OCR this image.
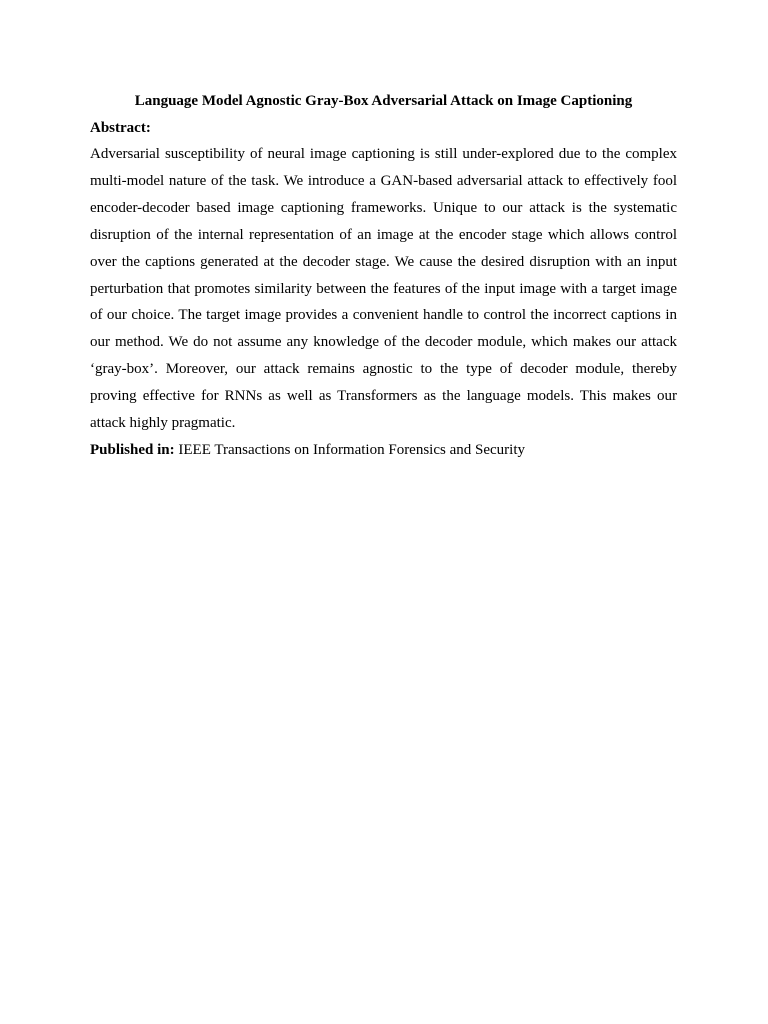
Language Model Agnostic Gray-Box Adversarial Attack on Image Captioning
Abstract:

Adversarial susceptibility of neural image captioning is still under-explored due to the complex multi-model nature of the task. We introduce a GAN-based adversarial attack to effectively fool encoder-decoder based image captioning frameworks. Unique to our attack is the systematic disruption of the internal representation of an image at the encoder stage which allows control over the captions generated at the decoder stage. We cause the desired disruption with an input perturbation that promotes similarity between the features of the input image with a target image of our choice. The target image provides a convenient handle to control the incorrect captions in our method. We do not assume any knowledge of the decoder module, which makes our attack ‘gray-box’. Moreover, our attack remains agnostic to the type of decoder module, thereby proving effective for RNNs as well as Transformers as the language models. This makes our attack highly pragmatic.

Published in: IEEE Transactions on Information Forensics and Security
